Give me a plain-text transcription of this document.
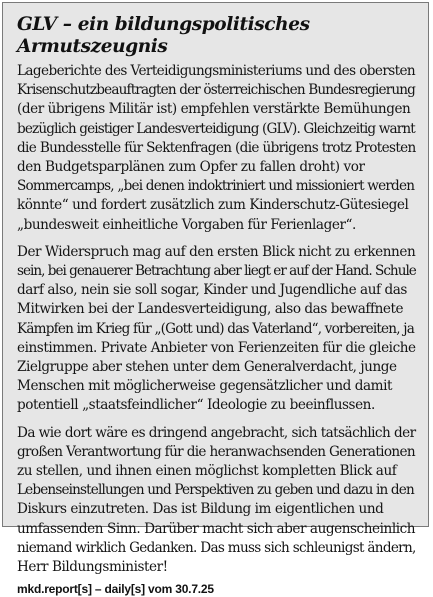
GLV – ein bildungspolitisches Armutszeugnis
Lageberichte des Verteidigungsministeriums und des obersten
Krisenschutzbeauftragten der österreichischen Bundesregierung
(der übrigens Militär ist) empfehlen verstärkte Bemühungen
bezüglich geistiger Landesverteidigung (GLV). Gleichzeitig warnt
die Bundesstelle für Sektenfragen (die übrigens trotz Protesten
den Budgetsparplänen zum Opfer zu fallen droht) vor
Sommercamps, „bei denen indoktriniert und missioniert werden
könnte“ und fordert zusätzlich zum Kinderschutz-Gütesiegel
„bundesweit einheitliche Vorgaben für Ferienlager“.
Der Widerspruch mag auf den ersten Blick nicht zu erkennen
sein, bei genauerer Betrachtung aber liegt er auf der Hand. Schule
darf also, nein sie soll sogar, Kinder und Jugendliche auf das
Mitwirken bei der Landesverteidigung, also das bewaffnete
Kämpfen im Krieg für „(Gott und) das Vaterland“, vorbereiten, ja
einstimmen. Private Anbieter von Ferienzeiten für die gleiche
Zielgruppe aber stehen unter dem Generalverdacht, junge
Menschen mit möglicherweise gegensätzlicher und damit
potentiell „staatsfeindlicher“ Ideologie zu beeinflussen.
Da wie dort wäre es dringend angebracht, sich tatsächlich der
großen Verantwortung für die heranwachsenden Generationen
zu stellen, und ihnen einen möglichst kompletten Blick auf
Lebenseinstellungen und Perspektiven zu geben und dazu in den
Diskurs einzutreten. Das ist Bildung im eigentlichen und
umfassenden Sinn. Darüber macht sich aber augenscheinlich
niemand wirklich Gedanken. Das muss sich schleunigst ändern,
Herr Bildungsminister!
mkd.report[s] – daily[s] vom 30.7.25
